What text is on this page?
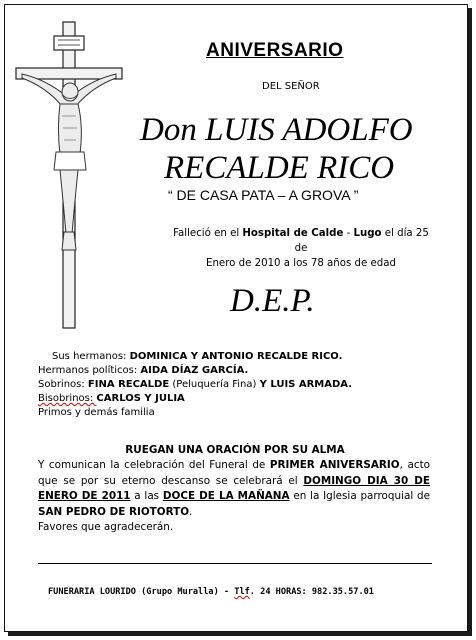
ANIVERSARIO
DEL SEÑOR
Don LUIS ADOLFO
RECALDE RICO
“ DE CASA PATA – A GROVA ”
Falleció en el Hospital de Calde - Lugo el día 25 de
Enero de 2010 a los 78 años de edad
D.E.P.
Sus hermanos: DOMINICA Y ANTONIO RECALDE RICO.
Hermanos políticos: AIDA DÍAZ GARCÍA.
Sobrinos: FINA RECALDE (Peluquería Fina) Y LUIS ARMADA.
Bisobrinos: CARLOS Y JULIA
Primos y demás familia
RUEGAN UNA ORACIÓN POR SU ALMA
Y comunican la celebración del Funeral de PRIMER ANIVERSARIO, acto que se por su eterno descanso se celebrará el DOMINGO DIA 30 DE ENERO DE 2011 a las DOCE DE LA MAÑANA en la Iglesia parroquial de SAN PEDRO DE RIOTORTO.
Favores que agradecerán.
FUNERARIA LOURIDO (Grupo Muralla) - Tlf. 24 HORAS: 982.35.57.01
